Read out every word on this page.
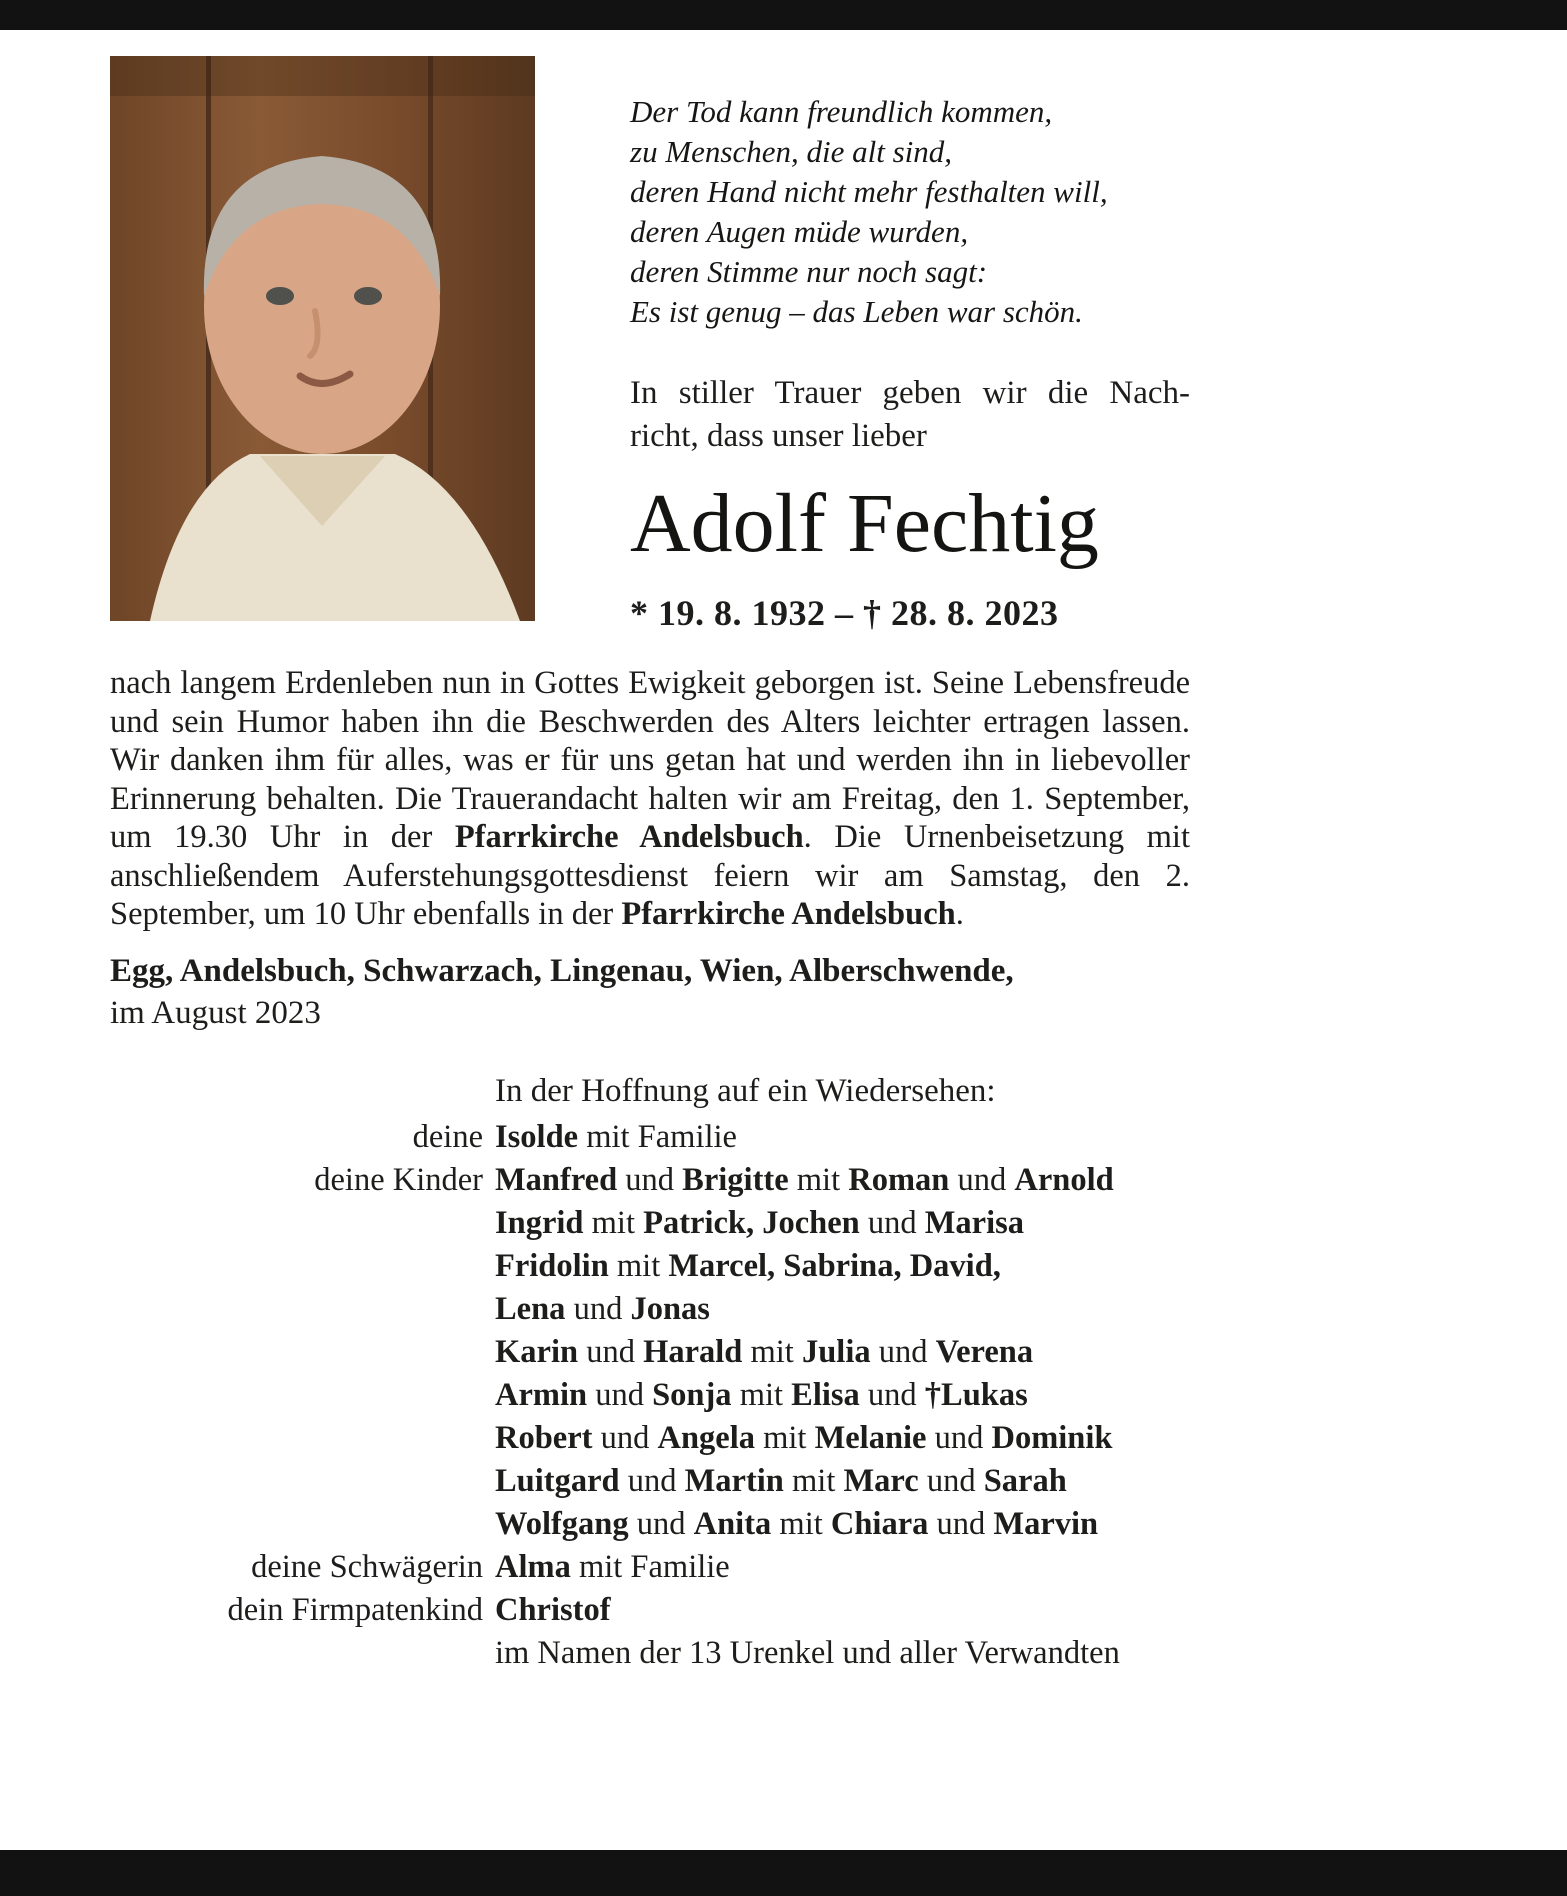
Der Tod kann freundlich kommen,
zu Menschen, die alt sind,
deren Hand nicht mehr festhalten will,
deren Augen müde wurden,
deren Stimme nur noch sagt:
Es ist genug – das Leben war schön.
In stiller Trauer geben wir die Nach-
richt, dass unser lieber
Adolf Fechtig
* 19. 8. 1932 – † 28. 8. 2023

nach langem Erdenleben nun in Gottes Ewigkeit geborgen ist. Seine Lebensfreude und sein Humor haben ihn die Beschwerden des Alters leichter ertragen lassen. Wir danken ihm für alles, was er für uns getan hat und werden ihn in liebevoller Erinnerung behalten. Die Trauerandacht halten wir am Freitag, den 1. September, um 19.30 Uhr in der Pfarrkirche Andelsbuch. Die Urnenbeisetzung mit anschließendem Auferstehungsgottesdienst feiern wir am Samstag, den 2. September, um 10 Uhr ebenfalls in der Pfarrkirche Andelsbuch.

Egg, Andelsbuch, Schwarzach, Lingenau, Wien, Alberschwende,
im August 2023
In der Hoffnung auf ein Wiedersehen:
deine Isolde mit Familie
deine Kinder Manfred und Brigitte mit Roman und Arnold
Ingrid mit Patrick, Jochen und Marisa
Fridolin mit Marcel, Sabrina, David,
Lena und Jonas
Karin und Harald mit Julia und Verena
Armin und Sonja mit Elisa und †Lukas
Robert und Angela mit Melanie und Dominik
Luitgard und Martin mit Marc und Sarah
Wolfgang und Anita mit Chiara und Marvin
deine Schwägerin Alma mit Familie
dein Firmpatenkind Christof
im Namen der 13 Urenkel und aller Verwandten
